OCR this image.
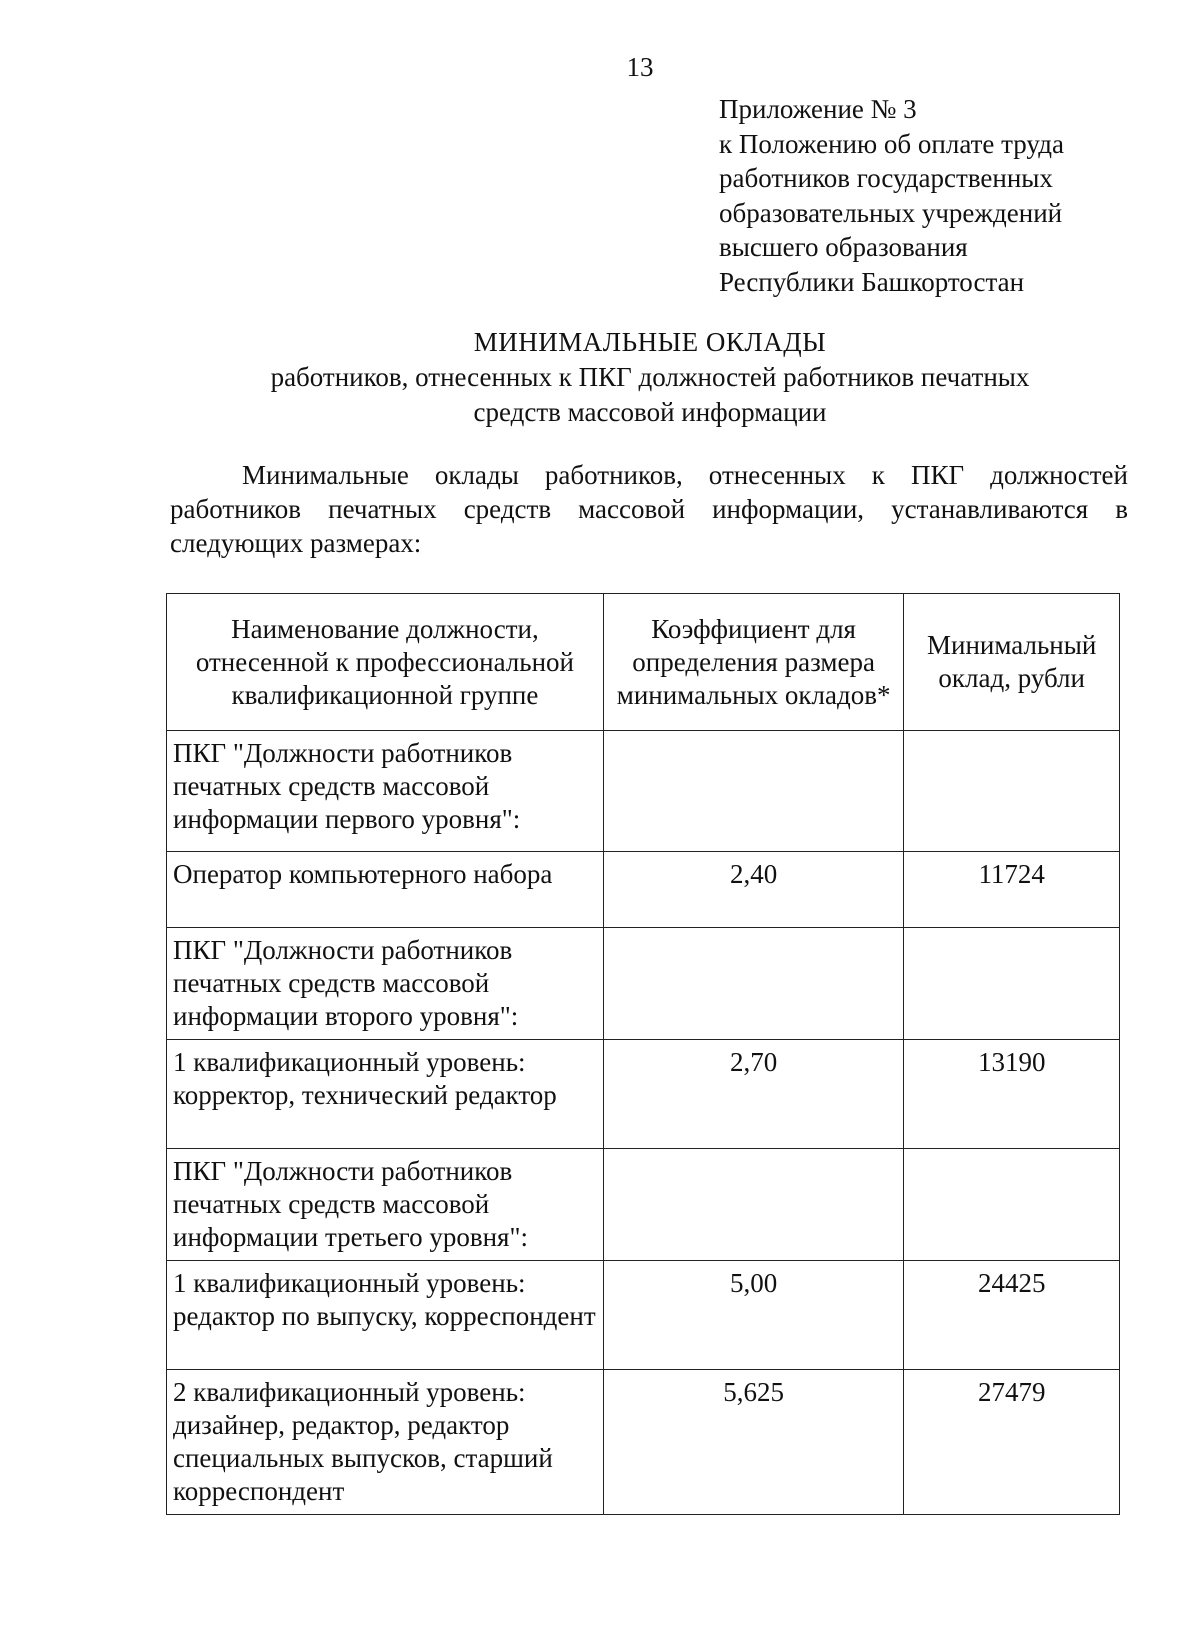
13
Приложение № 3
к Положению об оплате труда
работников государственных
образовательных учреждений
высшего образования
Республики Башкортостан
МИНИМАЛЬНЫЕ ОКЛАДЫ
работников, отнесенных к ПКГ должностей работников печатных
средств массовой информации
Минимальные оклады работников, отнесенных к ПКГ должностей работников печатных средств массовой информации, устанавливаются в следующих размерах:
Наименование должности, отнесенной к профессиональной квалификационной группе	Коэффициент для определения размера минимальных окладов*	Минимальный оклад, рубли
ПКГ "Должности работников печатных средств массовой информации первого уровня":		
Оператор компьютерного набора	2,40	11724
ПКГ "Должности работников печатных средств массовой информации второго уровня":		
1 квалификационный уровень: корректор, технический редактор	2,70	13190
ПКГ "Должности работников печатных средств массовой информации третьего уровня":		
1 квалификационный уровень: редактор по выпуску, корреспондент	5,00	24425
2 квалификационный уровень: дизайнер, редактор, редактор специальных выпусков, старший корреспондент	5,625	27479
